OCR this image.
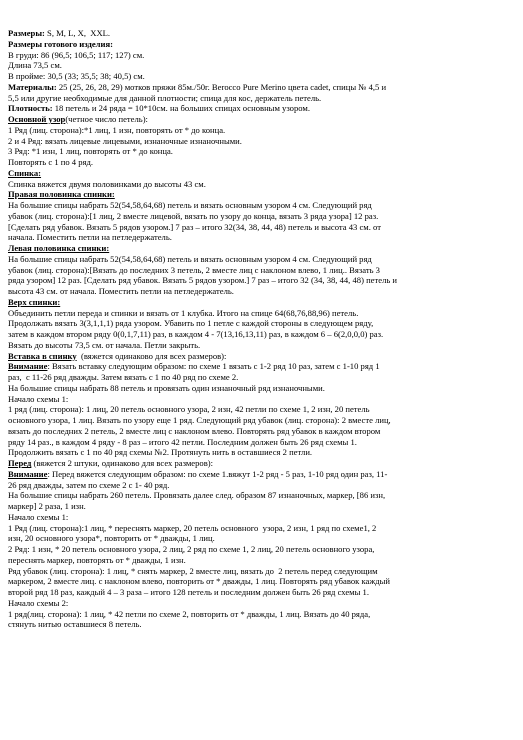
Размеры: S, M, L, X,  XXL.
Размеры готового изделия:
В груди: 86 (96,5; 106,5; 117; 127) см.
Длина 73,5 см.
В пройме: 30,5 (33; 35,5; 38; 40,5) см.
Материалы: 25 (25, 26, 28, 29) мотков пряжи 85м./50г. Berocco Pure Merino цвета cadet, спицы № 4,5 и
5,5 или другие необходимые для данной плотности; спица для кос, держатель петель.
Плотность: 18 петель и 24 ряда = 10*10см. на больших спицах основным узором.
Основной узор(четное число петель):
1 Ряд (лиц. сторона):*1 лиц, 1 изн, повторять от * до конца.
2 и 4 Ряд: вязать лицевые лицевыми, изнаночные изнаночными.
3 Ряд: *1 изн, 1 лиц, повторять от * до конца.
Повторять с 1 по 4 ряд.
Спинка:
Спинка вяжется двумя половинками до высоты 43 см.
Правая половинка спинки:
На большие спицы набрать 52(54,58,64,68) петель и вязать основным узором 4 см. Следующий ряд
убавок (лиц. сторона):[1 лиц, 2 вместе лицевой, вязать по узору до конца, вязать 3 ряда узора] 12 раз.
[Сделать ряд убавок. Вязать 5 рядов узором.] 7 раз – итого 32(34, 38, 44, 48) петель и высота 43 см. от
начала. Поместить петли на петледержатель.
Левая половинка спинки:
На большие спицы набрать 52(54,58,64,68) петель и вязать основным узором 4 см. Следующий ряд
убавок (лиц. сторона):[Вязать до последних 3 петель, 2 вместе лиц с наклоном влево, 1 лиц.. Вязать 3
ряда узором] 12 раз. [Сделать ряд убавок. Вязать 5 рядов узором.] 7 раз – итого 32 (34, 38, 44, 48) петель и
высота 43 см. от начала. Поместить петли на петледержатель.
Верх спинки:
Объединить петли переда и спинки и вязать от 1 клубка. Итого на спице 64(68,76,88,96) петель.
Продолжать вязать 3(3,1,1,1) ряда узором. Убавить по 1 петле с каждой стороны в следующем ряду,
затем в каждом втором ряду 0(0,1,7,11) раз, в каждом 4 - 7(13,16,13,11) раз, в каждом 6 – 6(2,0,0,0) раз.
Вязать до высоты 73,5 см. от начала. Петли закрыть.
Вставка в спинку  (вяжется одинаково для всех размеров):
Внимание: Вязать вставку следующим образом: по схеме 1 вязать с 1-2 ряд 10 раз, затем с 1-10 ряд 1
раз,  с 11-26 ряд дважды. Затем вязать с 1 по 40 ряд по схеме 2.
На большие спицы набрать 88 петель и провязать один изнаночный ряд изнаночными.
Начало схемы 1:
1 ряд (лиц. сторона): 1 лиц, 20 петель основного узора, 2 изн, 42 петли по схеме 1, 2 изн, 20 петель
основного узора, 1 лиц. Вязать по узору еще 1 ряд. Следующий ряд убавок (лиц. сторона): 2 вместе лиц,
вязать до последних 2 петель, 2 вместе лиц с наклоном влево. Повторять ряд убавок в каждом втором
ряду 14 раз., в каждом 4 ряду - 8 раз – итого 42 петли. Последним должен быть 26 ряд схемы 1.
Продолжить вязать с 1 по 40 ряд схемы №2. Протянуть нить в оставшиеся 2 петли.
Перед (вяжется 2 штуки, одинаково для всех размеров):
Внимание: Перед вяжется следующим образом: по схеме 1.вяжут 1-2 ряд - 5 раз, 1-10 ряд один раз, 11-
26 ряд дважды, затем по схеме 2 с 1- 40 ряд.
На большие спицы набрать 260 петель. Провязать далее след. образом 87 изнаночных, маркер, [86 изн,
маркер] 2 раза, 1 изн.
Начало схемы 1:
1 Ряд (лиц. сторона):1 лиц, * переснять маркер, 20 петель основного  узора, 2 изн, 1 ряд по схеме1, 2
изн, 20 основного узора*, повторить от * дважды, 1 лиц.
2 Ряд: 1 изн, * 20 петель основного узора, 2 лиц, 2 ряд по схеме 1, 2 лиц, 20 петель основного узора,
переснять маркер, повторять от * дважды, 1 изн.
Ряд убавок (лиц. сторона): 1 лиц, * снять маркер, 2 вместе лиц, вязать до  2 петель перед следующим
маркером, 2 вместе лиц. с наклоном влево, повторить от * дважды, 1 лиц. Повторять ряд убавок каждый
второй ряд 18 раз, каждый 4 – 3 раза – итого 128 петель и последним должен быть 26 ряд схемы 1.
Начало схемы 2:
1 ряд(лиц. сторона): 1 лиц, * 42 петли по схеме 2, повторить от * дважды, 1 лиц. Вязать до 40 ряда,
стянуть нитью оставшиеся 8 петель.
